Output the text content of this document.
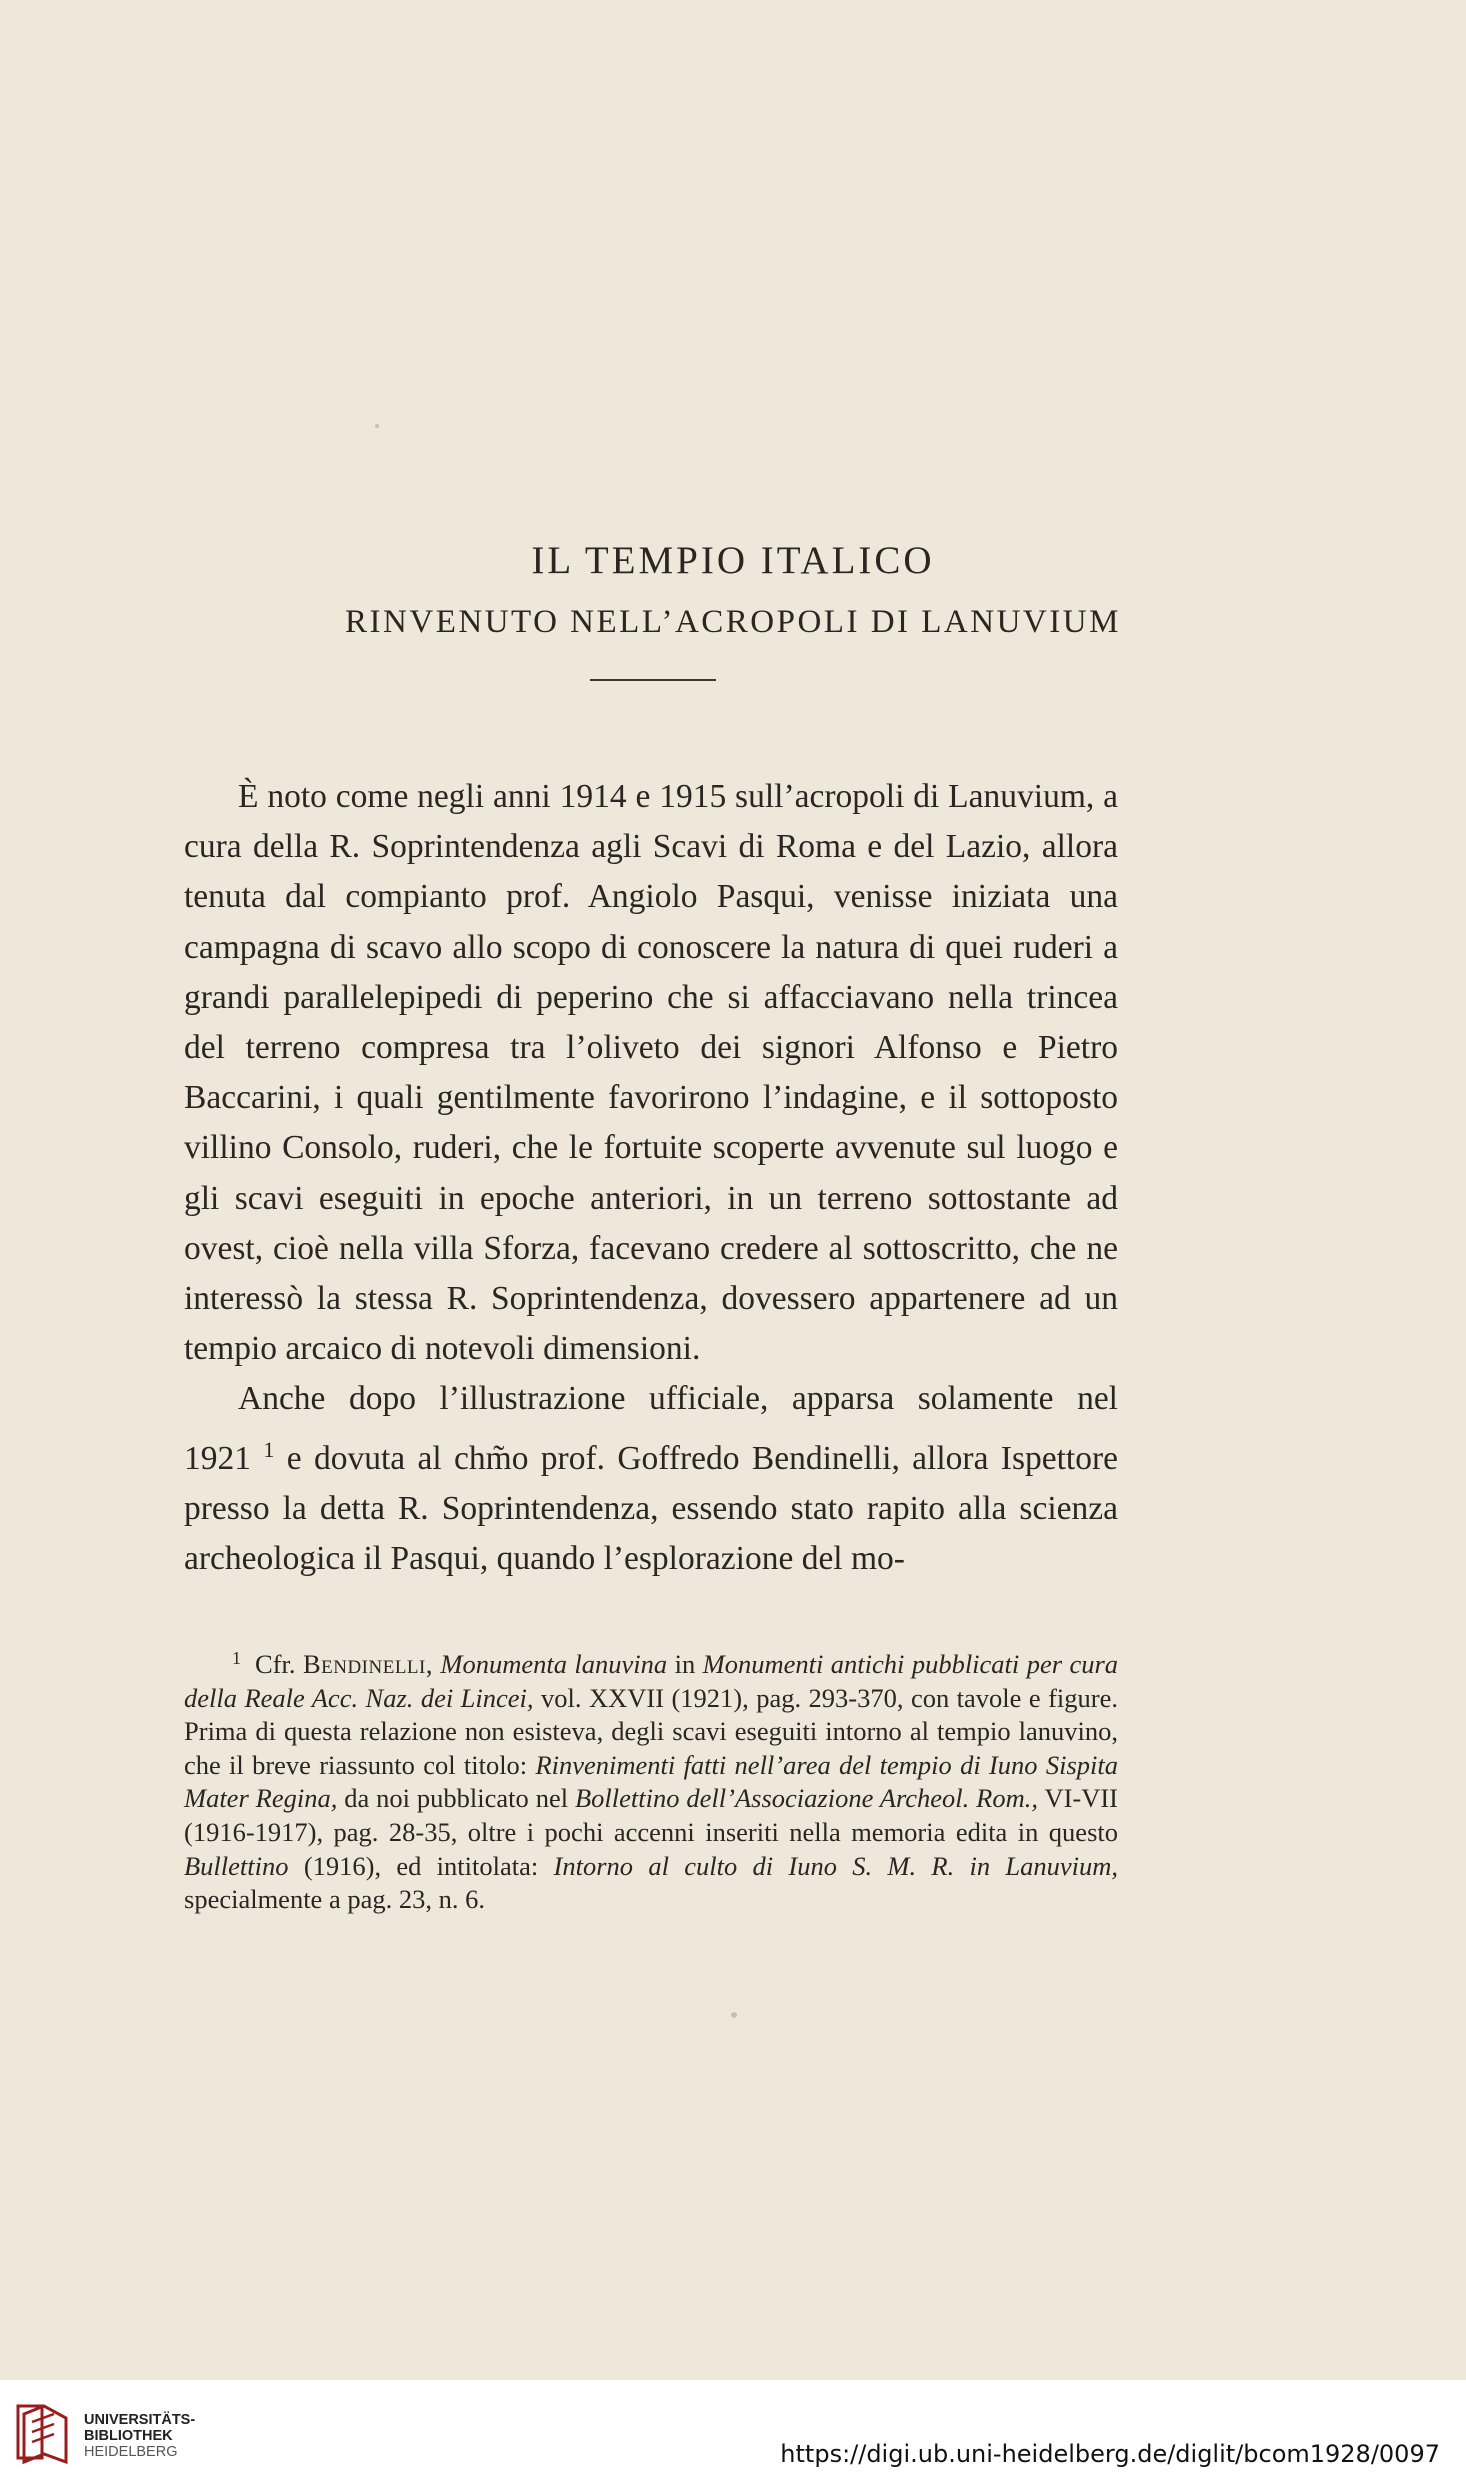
IL TEMPIO ITALICO
RINVENUTO NELL’ACROPOLI DI LANUVIUM

È noto come negli anni 1914 e 1915 sull’acropoli di Lanuvium, a cura della R. Soprintendenza agli Scavi di Roma e del Lazio, allora tenuta dal compianto prof. Angiolo Pasqui, venisse iniziata una campagna di scavo allo scopo di conoscere la natura di quei ruderi a grandi parallelepipedi di peperino che si affacciavano nella trincea del terreno compresa tra l’oliveto dei signori Alfonso e Pietro Baccarini, i quali gentilmente favorirono l’indagine, e il sottoposto villino Consolo, ruderi, che le fortuite scoperte avvenute sul luogo e gli scavi eseguiti in epoche anteriori, in un terreno sottostante ad ovest, cioè nella villa Sforza, facevano credere al sottoscritto, che ne interessò la stessa R. Soprintendenza, dovessero appartenere ad un tempio arcaico di notevoli dimensioni.

Anche dopo l’illustrazione ufficiale, apparsa solamente nel 1921 $^1$ e dovuta al chm̃o prof. Goffredo Bendinelli, allora Ispettore presso la detta R. Soprintendenza, essendo stato rapito alla scienza archeologica il Pasqui, quando l’esplorazione del mo-

$^1$ Cfr. Bendinelli, Monumenta lanuvina in Monumenti antichi pubblicati per cura della Reale Acc. Naz. dei Lincei, vol. XXVII (1921), pag. 293-370, con tavole e figure. Prima di questa relazione non esisteva, degli scavi eseguiti intorno al tempio lanuvino, che il breve riassunto col titolo: Rinvenimenti fatti nell’area del tempio di Iuno Sispita Mater Regina, da noi pubblicato nel Bollettino dell’Associazione Archeol. Rom., VI-VII (1916-1917), pag. 28-35, oltre i pochi accenni inseriti nella memoria edita in questo Bullettino (1916), ed intitolata: Intorno al culto di Iuno S. M. R. in Lanuvium, specialmente a pag. 23, n. 6.

UNIVERSITÄTS-
BIBLIOTHEK
HEIDELBERG	https://digi.ub.uni-heidelberg.de/diglit/bcom1928/0097
